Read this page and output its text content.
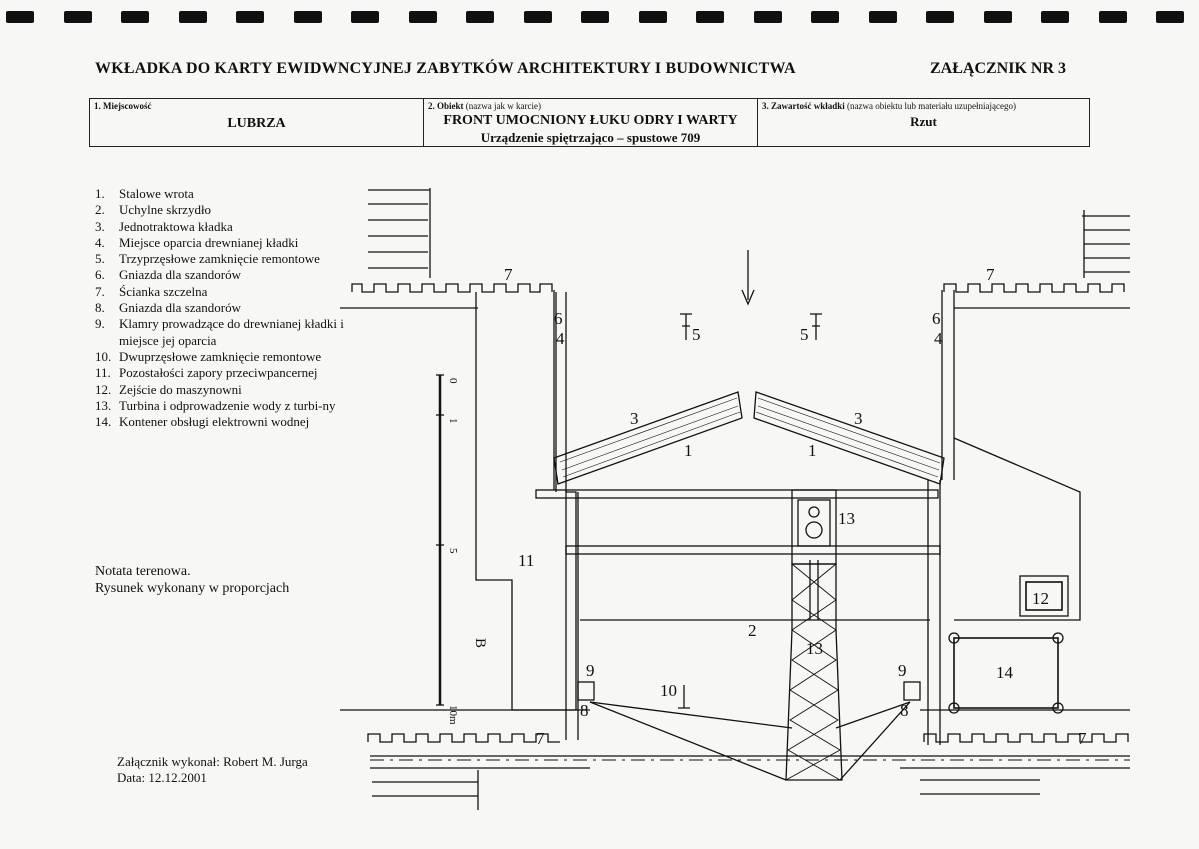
WKŁADKA DO KARTY EWIDWNCYJNEJ ZABYTKÓW ARCHITEKTURY I BUDOWNICTWA	ZAŁĄCZNIK NR 3
1. Miejscowość
LUBRZA
2. Obiekt (nazwa jak w karcie)
FRONT UMOCNIONY ŁUKU ODRY I WARTY
Urządzenie spiętrzająco – spustowe 709
3. Zawartość wkładki (nazwa obiektu lub materiału uzupełniającego)
Rzut
1.	Stalowe wrota
2.	Uchylne skrzydło
3.	Jednotraktowa kładka
4.	Miejsce oparcia drewnianej kładki
5.	Trzyprzęsłowe zamknięcie remontowe
6.	Gniazda dla szandorów
7.	Ścianka szczelna
8.	Gniazda dla szandorów
9.	Klamry prowadzące do drewnianej kładki i miejsce jej oparcia
10. Dwuprzęsłowe zamknięcie remontowe
11. Pozostałości zapory przeciwpancernej
12. Zejście do maszynowni
13. Turbina i odprowadzenie wody z turbi-ny
14. Kontener obsługi elektrowni wodnej
Notata terenowa.
Rysunek wykonany w proporcjach
Załącznik wykonał: Robert M. Jurga
Data: 12.12.2001
7	7
7	7
6
4
6
4
5	5
3	3
1	1
13
13
11
2
12
14
9	9
8	8
10
B
0
1
5
10m
